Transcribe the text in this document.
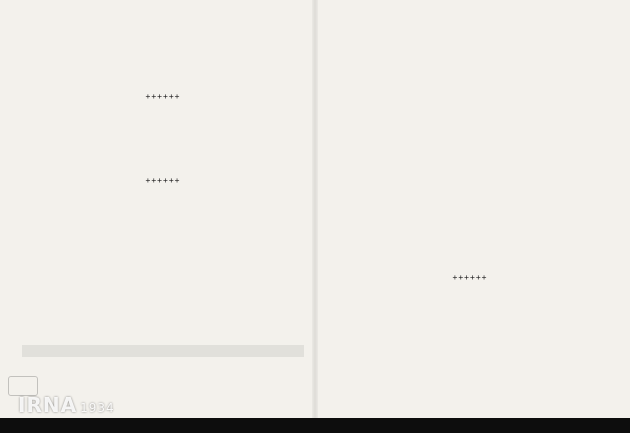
++++++
++++++
++++++
IRNA 1934
